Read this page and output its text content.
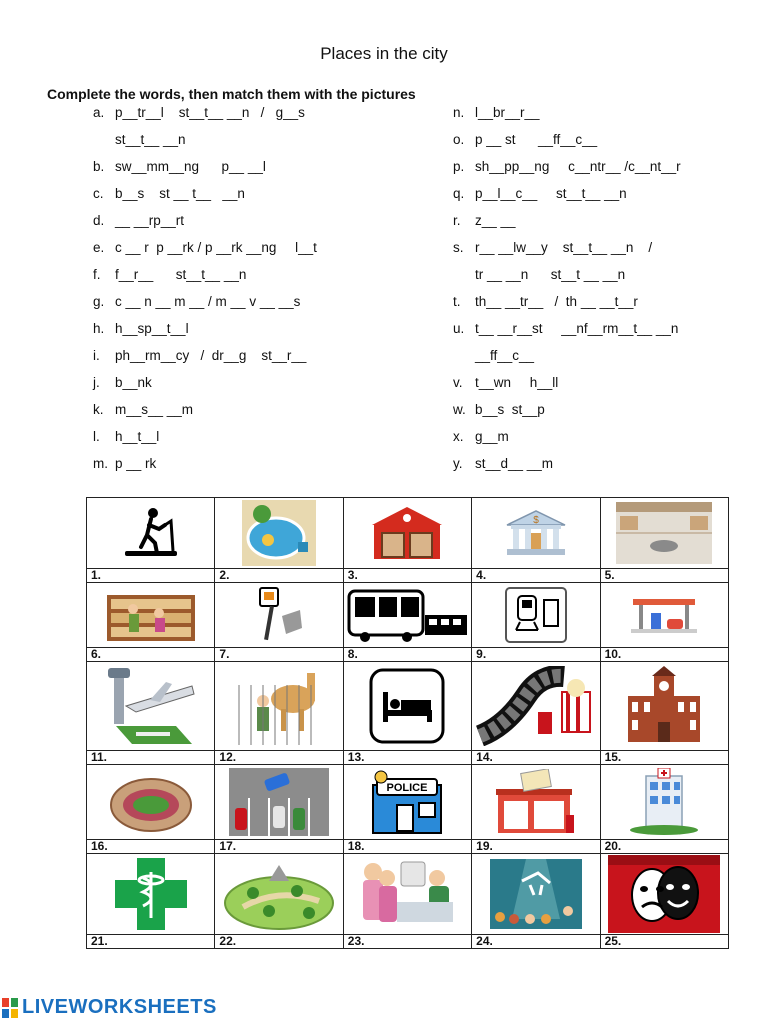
Places in the city
Complete the words, then match them with the pictures
a. p__tr__l    st__t__ __n   /   g__s
st__t__ __n
b. sw__mm__ng      p__ __l
c. b__s    st __ t__   __n
d. __ __rp__rt
e. c __ r  p __rk / p __rk __ng     l__t
f. f__r__      st__t__ __n
g. c __ n __ m __ / m __ v __ __s
h. h__sp__t__l
i. ph__rm__cy   /  dr__g    st__r__
j. b__nk
k. m__s__ __m
l. h__t__l
m. p __ rk
n. l__br__r__
o. p __ st      __ff__c__
p. sh__pp__ng     c__ntr__ /c__nt__r
q. p__l__c__     st__t__ __n
r. z__ __
s. r__ __lw__y    st__t__ __n    /
tr __ __n      st__t __ __n
t. th__ __tr__   /  th __ __t__r
u. t__ __r__st     __nf__rm__t__ __n
__ff__c__
v. t__wn     h__ll
w. b__s  st__p
x. g__m
y. st__d__ __m
1.	2.	3.	$
4.	5.

6.	7.	8.	9.	10.

11.	12.	13.	14.	15.

16.	17.	POLICE
18.	19.	20.

21.	22.	23.	24.	25.
LIVEWORKSHEETS
